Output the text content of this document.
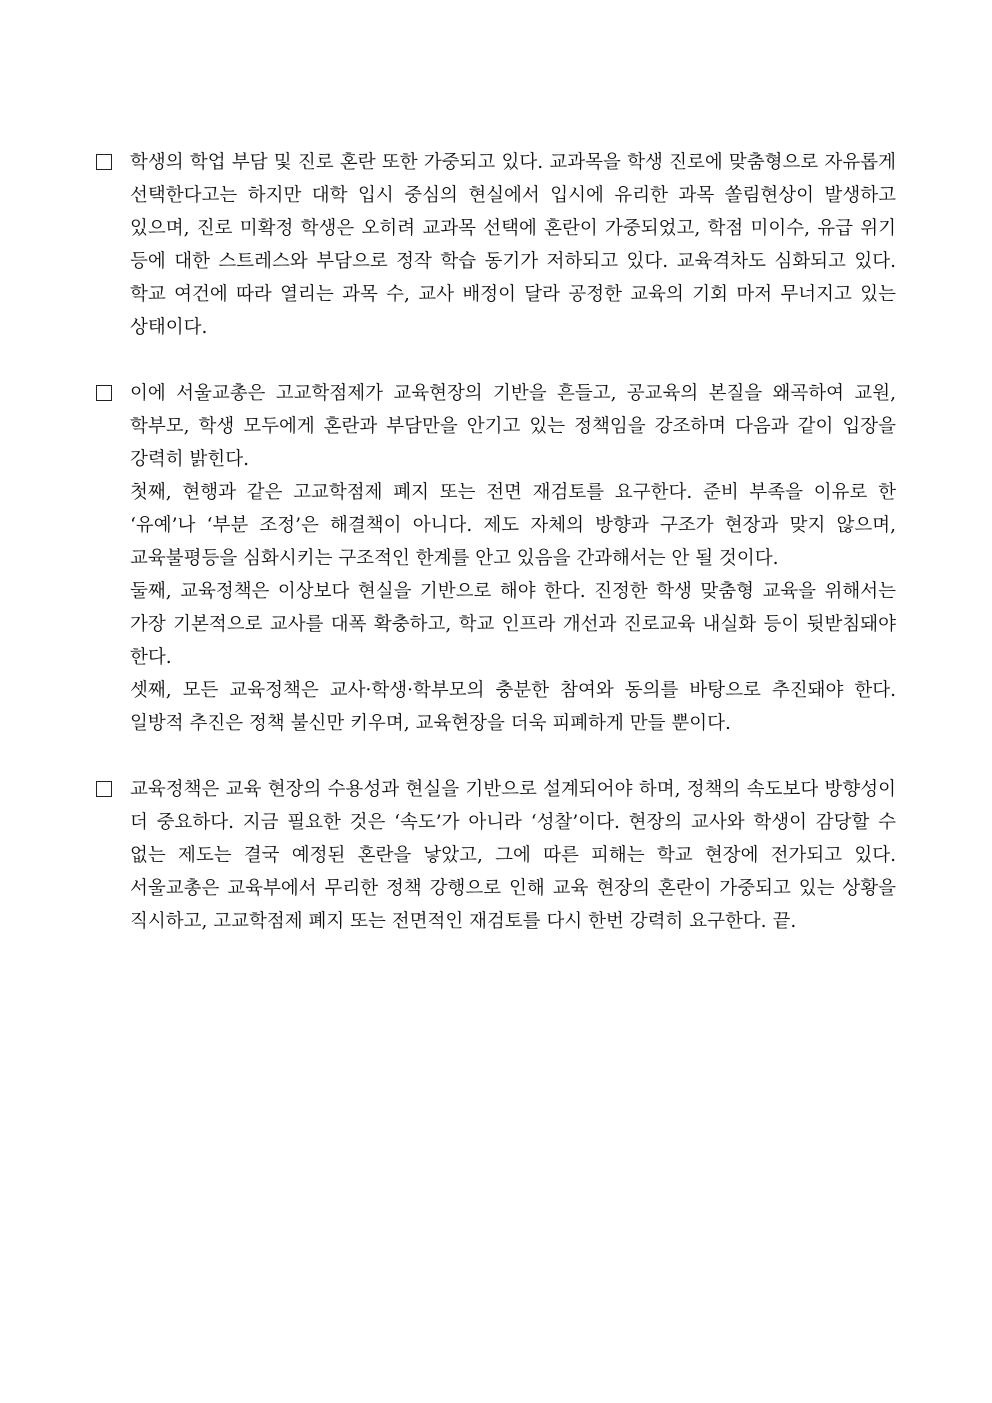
학생의 학업 부담 및 진로 혼란 또한 가중되고 있다. 교과목을 학생 진로에 맞춤형으로 자유롭게 선택한다고는 하지만 대학 입시 중심의 현실에서 입시에 유리한 과목 쏠림현상이 발생하고 있으며, 진로 미확정 학생은 오히려 교과목 선택에 혼란이 가중되었고, 학점 미이수, 유급 위기 등에 대한 스트레스와 부담으로 정작 학습 동기가 저하되고 있다. 교육격차도 심화되고 있다. 학교 여건에 따라 열리는 과목 수, 교사 배정이 달라 공정한 교육의 기회 마저 무너지고 있는 상태이다.

이에 서울교총은 고교학점제가 교육현장의 기반을 흔들고, 공교육의 본질을 왜곡하여 교원, 학부모, 학생 모두에게 혼란과 부담만을 안기고 있는 정책임을 강조하며 다음과 같이 입장을 강력히 밝힌다.

첫째, 현행과 같은 고교학점제 폐지 또는 전면 재검토를 요구한다. 준비 부족을 이유로 한 ‘유예’나 ‘부분 조정’은 해결책이 아니다. 제도 자체의 방향과 구조가 현장과 맞지 않으며, 교육불평등을 심화시키는 구조적인 한계를 안고 있음을 간과해서는 안 될 것이다.

둘째, 교육정책은 이상보다 현실을 기반으로 해야 한다. 진정한 학생 맞춤형 교육을 위해서는 가장 기본적으로 교사를 대폭 확충하고, 학교 인프라 개선과 진로교육 내실화 등이 뒷받침돼야 한다.

셋째, 모든 교육정책은 교사·학생·학부모의 충분한 참여와 동의를 바탕으로 추진돼야 한다. 일방적 추진은 정책 불신만 키우며, 교육현장을 더욱 피폐하게 만들 뿐이다.

교육정책은 교육 현장의 수용성과 현실을 기반으로 설계되어야 하며, 정책의 속도보다 방향성이 더 중요하다. 지금 필요한 것은 ‘속도’가 아니라 ‘성찰’이다. 현장의 교사와 학생이 감당할 수 없는 제도는 결국 예정된 혼란을 낳았고, 그에 따른 피해는 학교 현장에 전가되고 있다. 서울교총은 교육부에서 무리한 정책 강행으로 인해 교육 현장의 혼란이 가중되고 있는 상황을 직시하고, 고교학점제 폐지 또는 전면적인 재검토를 다시 한번 강력히 요구한다. 끝.
